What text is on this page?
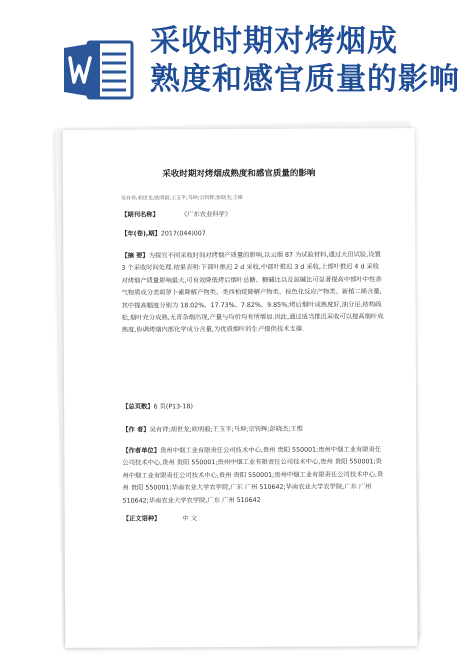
采收时期对烤烟成
熟度和感官质量的影响
采收时期对烤烟成熟度和感官质量的影响
吴有祥;胡世龙;欧明毅;王玉平;马坤;宗钊辉;彭晓杰;王维
【期刊名称】	《广东农业科学》
【年(卷),期】2017(044)007
【摘 要】为探究不同采收时间对烤烟产质量的影响,以云烟 87 为试验材料,通过大田试验,设置 3 个采收时间处理.结果表明:下部叶推迟 2 d 采收,中部叶推迟 3 d 采收,上部叶推迟 4 d 采收对烤烟产质量影响最大,可有效降低烤后烟叶总糖、糖碱比以及氮碱比可显著提高中部叶中性香气物质成分类胡萝卜素降解产物类、类西柏烷降解产物类、棕色化反应产物类、新植二烯含量,其中提高幅度分别为 18.02%、17.73%、7.82%、9.85%;烤后烟叶成熟度好,油分足,结构疏松,烟叶充分成熟,无青杂烟出现,产量与均价均有所增加.因此,通过适当推迟采收可以提高烟叶成熟度,协调烤烟内部化学成分含量,为优质烟叶的生产提供技术支撑.
【总页数】6 页(P13-18)
【作 者】吴有祥;胡世龙;欧明毅;王玉平;马坤;宗钊辉;彭晓杰;王维
【作者单位】贵州中烟工业有限责任公司技术中心,贵州 贵阳 550001;贵州中烟工业有限责任公司技术中心,贵州 贵阳 550001;贵州中烟工业有限责任公司技术中心,贵州 贵阳 550001;贵州中烟工业有限责任公司技术中心,贵州 贵阳 550001;贵州中烟工业有限责任公司技术中心,贵州 贵阳 550001;华南农业大学农学院,广东 广州 510642;华南农业大学农学院,广东 广州 510642;华南农业大学农学院,广东 广州 510642
【正文语种】	中 文
